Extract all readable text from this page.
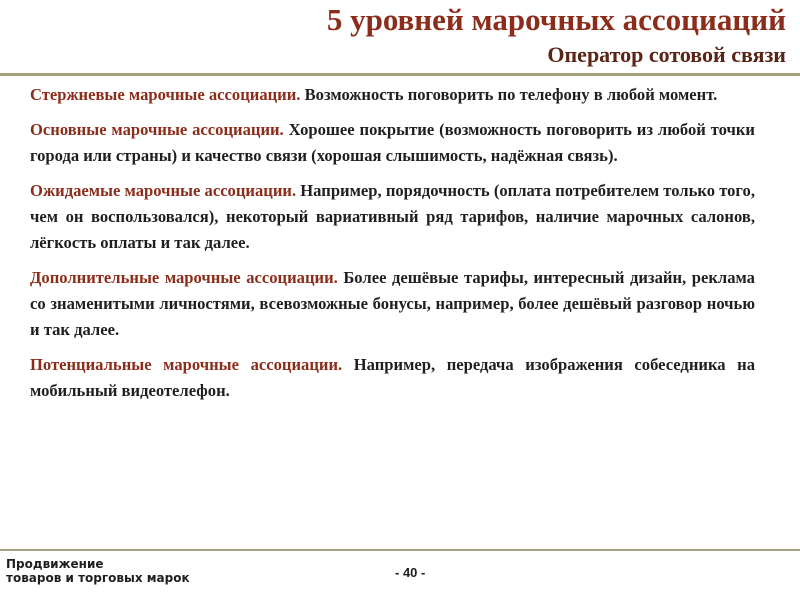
5 уровней марочных ассоциаций
Оператор сотовой связи

Стержневые марочные ассоциации. Возможность поговорить по телефону в любой момент.

Основные марочные ассоциации. Хорошее покрытие (возможность поговорить из любой точки города или страны) и качество связи (хорошая слышимость, надёжная связь).

Ожидаемые марочные ассоциации. Например, порядочность (оплата потребителем только того, чем он воспользовался), некоторый вариативный ряд тарифов, наличие марочных салонов, лёгкость оплаты и так далее.

Дополнительные марочные ассоциации. Более дешёвые тарифы, интересный дизайн, реклама со знаменитыми личностями, всевозможные бонусы, например, более дешёвый разговор ночью и так далее.

Потенциальные марочные ассоциации. Например, передача изображения собеседника на мобильный видеотелефон.

Продвижение
товаров и торговых марок	- 40 -
